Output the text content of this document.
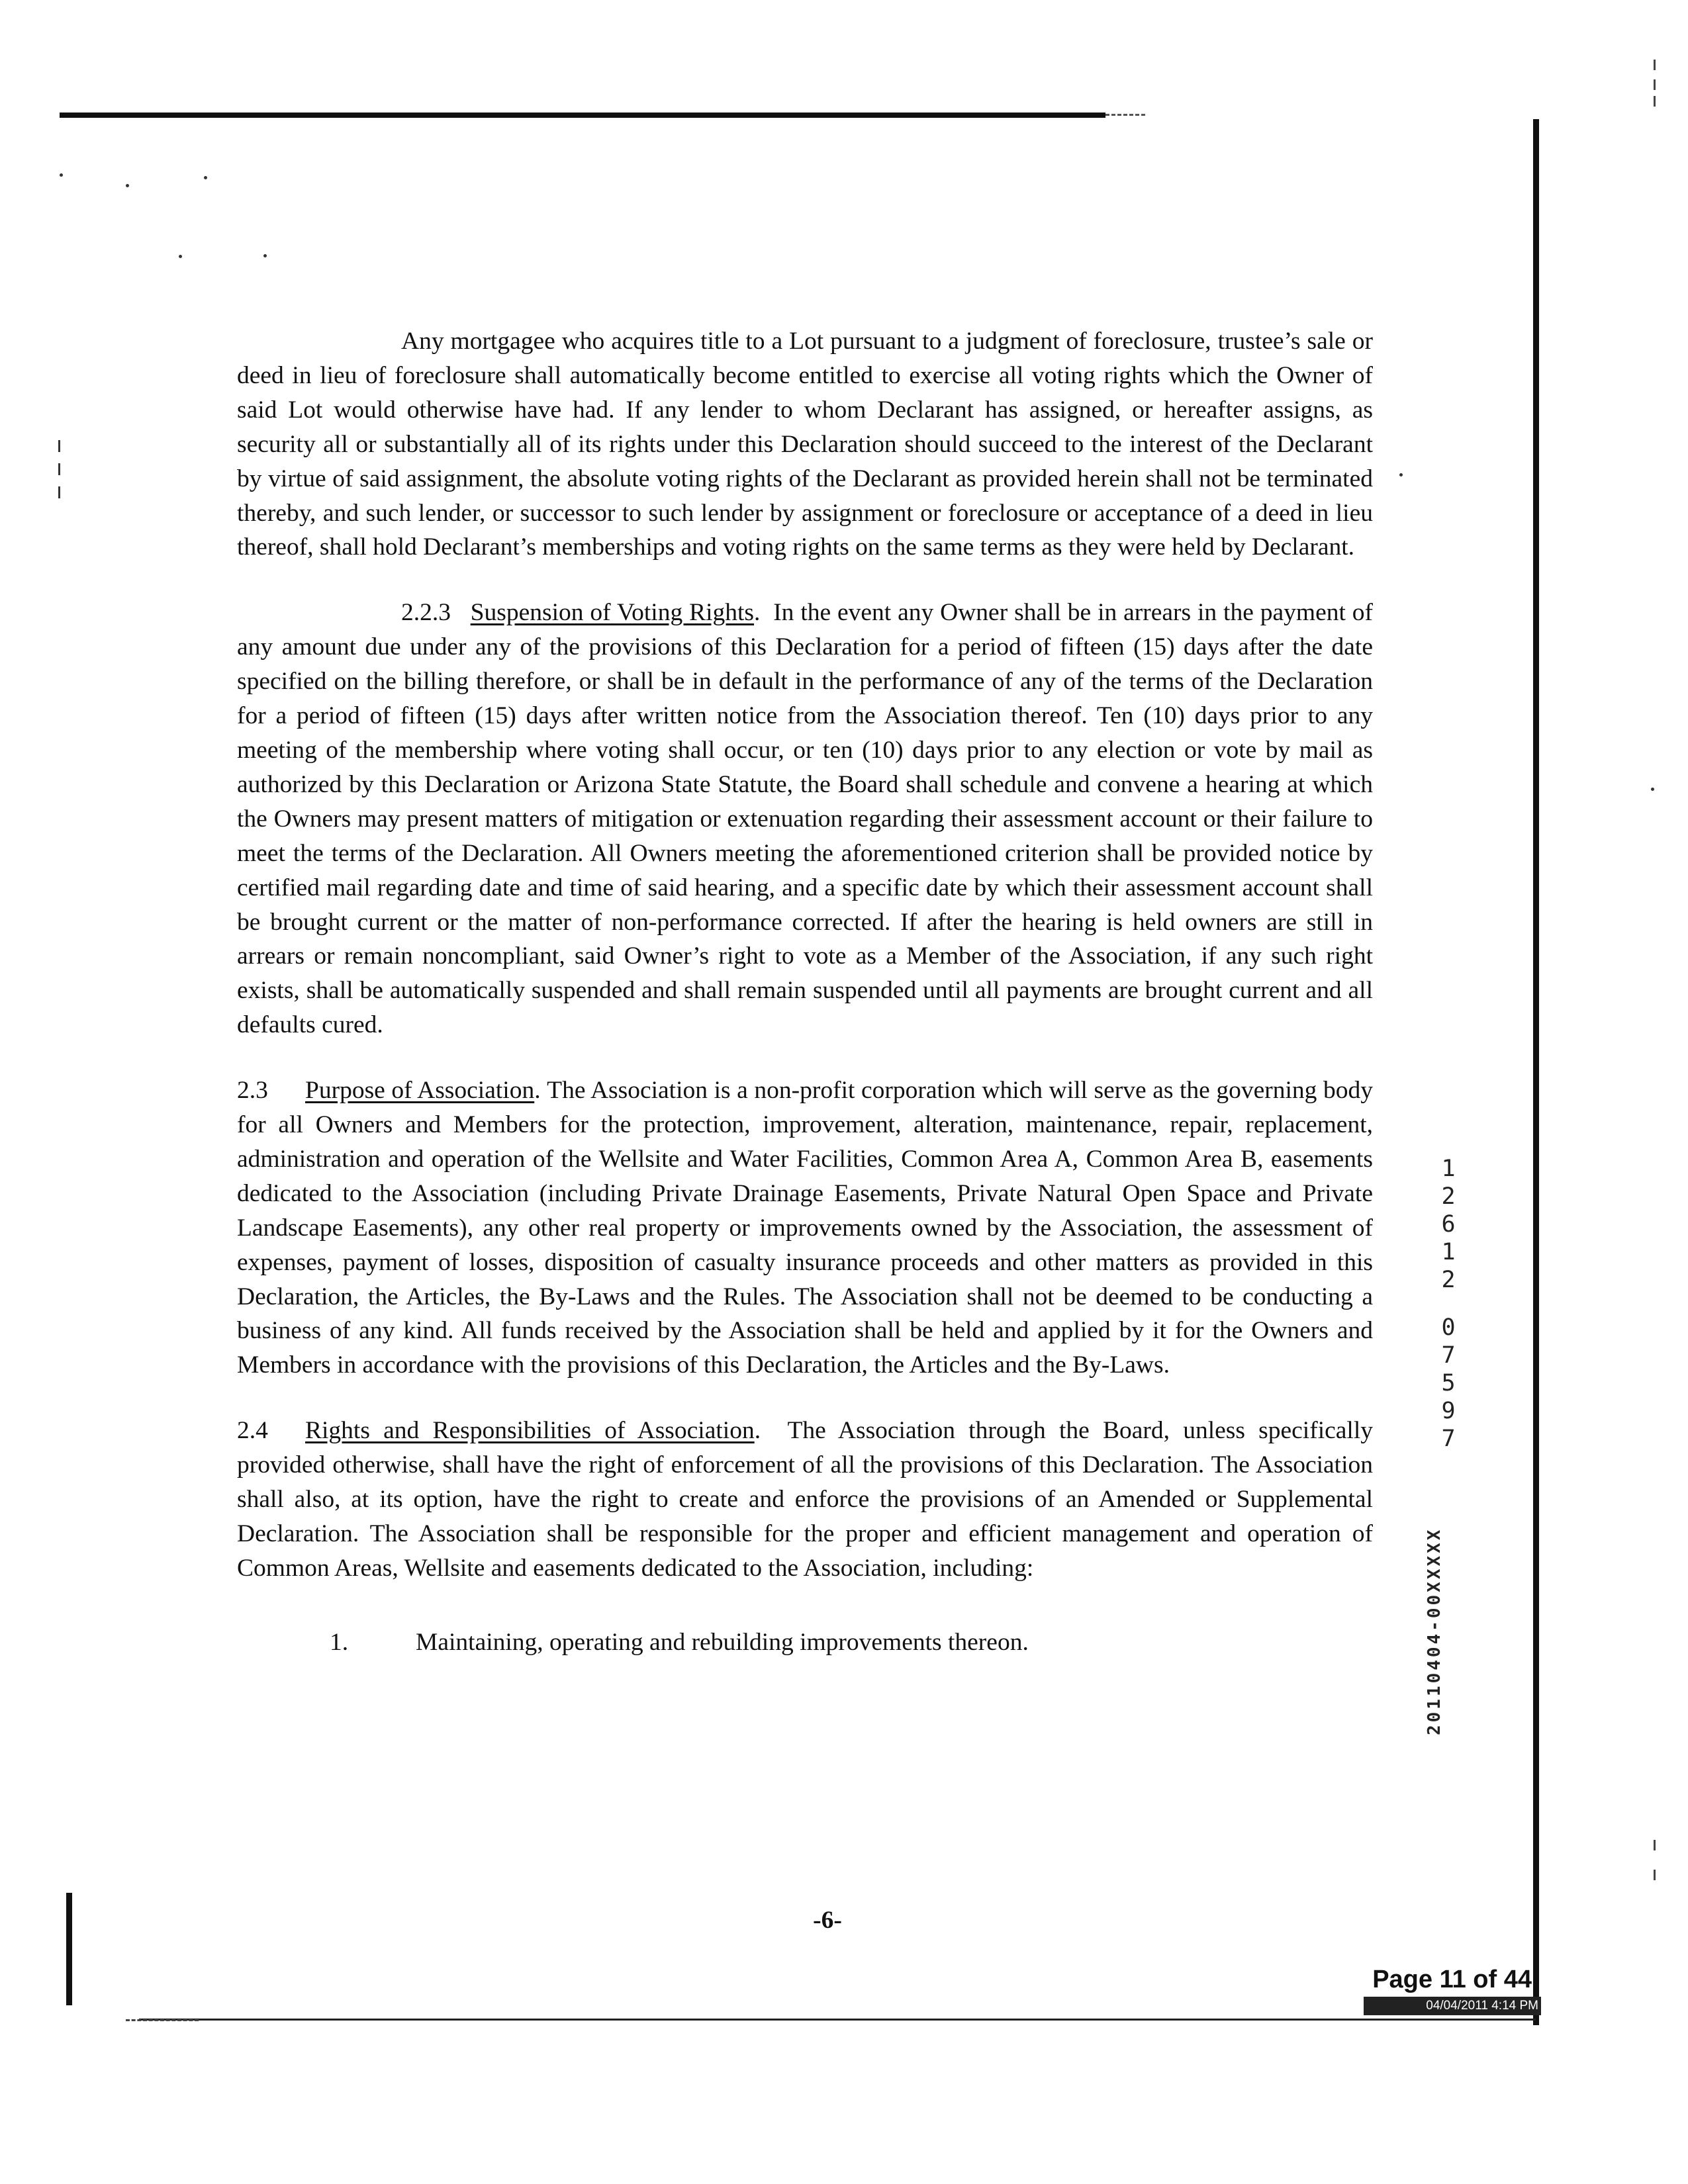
Any mortgagee who acquires title to a Lot pursuant to a judgment of foreclosure, trustee’s sale or deed in lieu of foreclosure shall automatically become entitled to exercise all voting rights which the Owner of said Lot would otherwise have had. If any lender to whom Declarant has assigned, or hereafter assigns, as security all or substantially all of its rights under this Declaration should succeed to the interest of the Declarant by virtue of said assignment, the absolute voting rights of the Declarant as provided herein shall not be terminated thereby, and such lender, or successor to such lender by assignment or foreclosure or acceptance of a deed in lieu thereof, shall hold Declarant’s memberships and voting rights on the same terms as they were held by Declarant.

2.2.3 Suspension of Voting Rights.  In the event any Owner shall be in arrears in the payment of any amount due under any of the provisions of this Declaration for a period of fifteen (15) days after the date specified on the billing therefore, or shall be in default in the performance of any of the terms of the Declaration for a period of fifteen (15) days after written notice from the Association thereof. Ten (10) days prior to any meeting of the membership where voting shall occur, or ten (10) days prior to any election or vote by mail as authorized by this Declaration or Arizona State Statute, the Board shall schedule and convene a hearing at which the Owners may present matters of mitigation or extenuation regarding their assessment account or their failure to meet the terms of the Declaration. All Owners meeting the aforementioned criterion shall be provided notice by certified mail regarding date and time of said hearing, and a specific date by which their assessment account shall be brought current or the matter of non-performance corrected. If after the hearing is held owners are still in arrears or remain noncompliant, said Owner’s right to vote as a Member of the Association, if any such right exists, shall be automatically suspended and shall remain suspended until all payments are brought current and all defaults cured.

2.3 Purpose of Association. The Association is a non-profit corporation which will serve as the governing body for all Owners and Members for the protection, improvement, alteration, maintenance, repair, replacement, administration and operation of the Wellsite and Water Facilities, Common Area A, Common Area B, easements dedicated to the Association (including Private Drainage Easements, Private Natural Open Space and Private Landscape Easements), any other real property or improvements owned by the Association, the assessment of expenses, payment of losses, disposition of casualty insurance proceeds and other matters as provided in this Declaration, the Articles, the By-Laws and the Rules. The Association shall not be deemed to be conducting a business of any kind. All funds received by the Association shall be held and applied by it for the Owners and Members in accordance with the provisions of this Declaration, the Articles and the By-Laws.

2.4 Rights and Responsibilities of Association.  The Association through the Board, unless specifically provided otherwise, shall have the right of enforcement of all the provisions of this Declaration. The Association shall also, at its option, have the right to create and enforce the provisions of an Amended or Supplemental Declaration. The Association shall be responsible for the proper and efficient management and operation of Common Areas, Wellsite and easements dedicated to the Association, including:

1.	Maintaining, operating and rebuilding improvements thereon.

-6-
1
2
6
1
2
0
7
5
9
7
20110404-00XXXXX
Page 11 of 44
04/04/2011 4:14 PM
